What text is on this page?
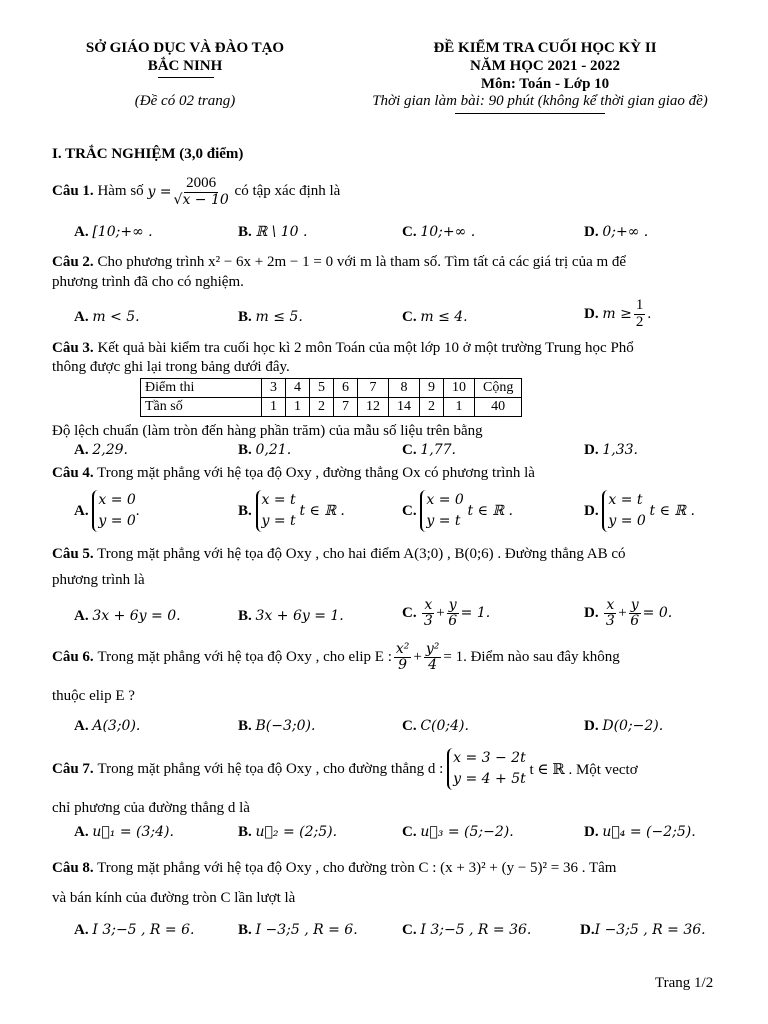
SỞ GIÁO DỤC VÀ ĐÀO TẠO
BẮC NINH
(Đề có 02 trang)
ĐỀ KIỂM TRA CUỐI HỌC KỲ II
NĂM HỌC 2021 - 2022
Môn: Toán - Lớp 10
Thời gian làm bài: 90 phút (không kể thời gian giao đề)
I. TRẮC NGHIỆM (3,0 điểm)
Câu 1.
Hàm số
$y = \frac{2006}{√x - 10}$
có tập xác định là
A. [10;+∞ .	B. ℝ \ 10 .	C. 10;+∞ .	D. 0;+∞ .
Câu 2. Cho phương trình x² − 6x + 2m − 1 = 0 với m là tham số. Tìm tất cả các giá trị của m để
phương trình đã cho có nghiệm.
A. m < 5.	B. m ≤ 5.	C. m ≤ 4.	D.
$m \ge \frac{1}{2}$ .
Câu 3. Kết quả bài kiểm tra cuối học kì 2 môn Toán của một lớp 10 ở một trường Trung học Phổ
thông được ghi lại trong bảng dưới đây.
Điểm thi	3	4	5	6	7	8	9	10	Cộng
Tần số	1	1	2	7	12	14	2	1	40
Độ lệch chuẩn (làm tròn đến hàng phần trăm) của mẫu số liệu trên bằng
A. 2,29.	B. 0,21.	C. 1,77.	D. 1,33.
Câu 4. Trong mặt phẳng với hệ tọa độ Oxy , đường thẳng Ox có phương trình là
A.

x = 0
y = 0
.	B.

x = t
y = t

t ∈ ℝ .	C.

x = 0
y = t

t ∈ ℝ .	D.

x = t
y = 0

t ∈ ℝ .
Câu 5. Trong mặt phẳng với hệ tọa độ Oxy , cho hai điểm A(3;0) , B(0;6) . Đường thẳng AB có
phương trình là
A. 3x + 6y = 0.	B. 3x + 6y = 1.	C.
$\frac{x}{3} + \frac{y}{6} = 1$.	D.
$\frac{x}{3} + \frac{y}{6} = 0$.
Câu 6.
Trong mặt phẳng với hệ tọa độ Oxy , cho elip E : $\frac{\text{x²}}{9} + \frac{\text{y²}}{4} = 1$. Điểm nào sau đây không
thuộc elip E ?
A. A(3;0).	B. B(−3;0).	C. C(0;4).	D. D(0;−2).
Câu 7.
Trong mặt phẳng với hệ tọa độ Oxy , cho đường thẳng d :

x = 3 − 2t
y = 4 + 5t

t ∈ ℝ . Một vectơ
chỉ phương của đường thẳng d là
A. u⃗₁ = (3;4).	B. u⃗₂ = (2;5).	C. u⃗₃ = (5;−2).	D. u⃗₄ = (−2;5).
Câu 8. Trong mặt phẳng với hệ tọa độ Oxy , cho đường tròn C : (x + 3)² + (y − 5)² = 36 . Tâm
và bán kính của đường tròn C lần lượt là
A. I 3;−5 , R = 6.	B. I −3;5 , R = 6.	C. I 3;−5 , R = 36.	D.I −3;5 , R = 36.
Trang 1/2
